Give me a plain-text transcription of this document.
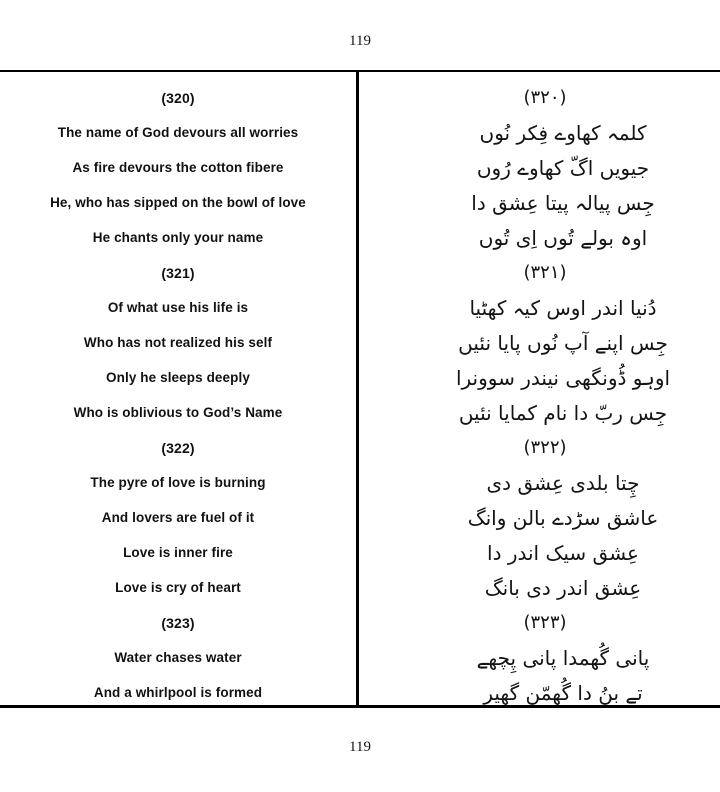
119
(320)	(۳۲۰)
The name of God devours all worries	کلمہ کھاوے فِکر نُوں
As fire devours the cotton fibere	جیویں اگّ کھاوے رُوں
He, who has sipped on the bowl of love	جِس پیالہ پیتا عِشق دا
He chants only your name	اوہ بولے تُوں اِی تُوں
(321)	(۳۲۱)
Of what use his life is	دُنیا اندر اوس کیہ کھٹیا
Who has not realized his self	جِس اپنے آپ نُوں پایا نئیں
Only he sleeps deeply	اوہو ڈُونگھی نیندر سوونرا
Who is oblivious to God’s Name	جِس ربّ دا نام کمایا نئیں
(322)	(۳۲۲)
The pyre of love is burning	چِتا بلدی عِشق دی
And lovers are fuel of it	عاشق سڑدے بالن وانگ
Love is inner fire	عِشق سیک اندر دا
Love is cry of heart	عِشق اندر دی بانگ
(323)	(۳۲۳)
Water chases water	پانی گُھمدا پانی پِچھے
And a whirlpool is formed	تے بنُ دا گُھمّن گھیر
119
